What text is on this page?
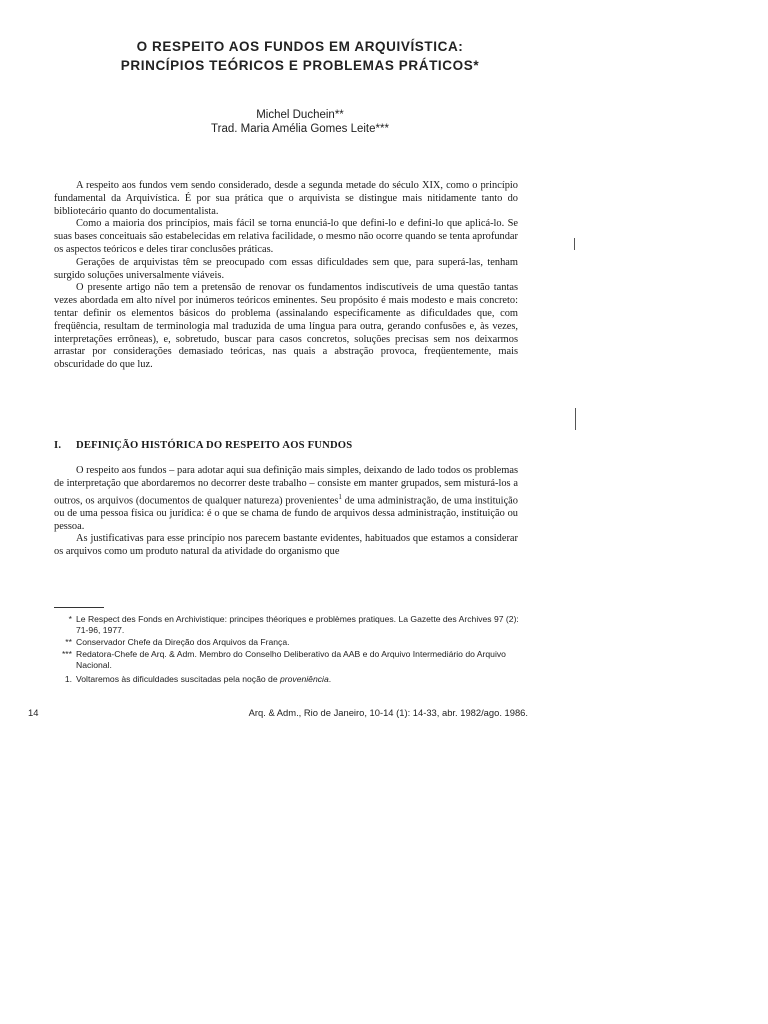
O RESPEITO AOS FUNDOS EM ARQUIVÍSTICA:
PRINCÍPIOS TEÓRICOS E PROBLEMAS PRÁTICOS*
Michel Duchein**
Trad. Maria Amélia Gomes Leite***

A respeito aos fundos vem sendo considerado, desde a segunda metade do século XIX, como o princípio fundamental da Arquivística. É por sua prática que o arquivista se distingue mais nitidamente tanto do bibliotecário quanto do documentalista.

Como a maioria dos princípios, mais fácil se torna enunciá-lo que defini-lo e defini-lo que aplicá-lo. Se suas bases conceituais são estabelecidas em relativa facilidade, o mesmo não ocorre quando se tenta aprofundar os aspectos teóricos e deles tirar conclusões práticas.

Gerações de arquivistas têm se preocupado com essas dificuldades sem que, para superá-las, tenham surgido soluções universalmente viáveis.

O presente artigo não tem a pretensão de renovar os fundamentos indiscutíveis de uma questão tantas vezes abordada em alto nível por inúmeros teóricos eminentes. Seu propósito é mais modesto e mais concreto: tentar definir os elementos básicos do problema (assinalando especificamente as dificuldades que, com freqüência, resultam de terminologia mal traduzida de uma língua para outra, gerando confusões e, às vezes, interpretações errôneas), e, sobretudo, buscar para casos concretos, soluções precisas sem nos deixarmos arrastar por considerações demasiado teóricas, nas quais a abstração provoca, freqüentemente, mais obscuridade do que luz.

I. DEFINIÇÃO HISTÓRICA DO RESPEITO AOS FUNDOS

O respeito aos fundos – para adotar aqui sua definição mais simples, deixando de lado todos os problemas de interpretação que abordaremos no decorrer deste trabalho – consiste em manter grupados, sem misturá-los a outros, os arquivos (documentos de qualquer natureza) provenientes$^1$ de uma administração, de uma instituição ou de uma pessoa física ou jurídica: é o que se chama de fundo de arquivos dessa administração, instituição ou pessoa.

As justificativas para esse princípio nos parecem bastante evidentes, habituados que estamos a considerar os arquivos como um produto natural da atividade do organismo que

* Le Respect des Fonds en Archivistique: principes théoriques e problèmes pratiques. La Gazette des Archives 97 (2): 71-96, 1977.
** Conservador Chefe da Direção dos Arquivos da França.
*** Redatora-Chefe de Arq. & Adm. Membro do Conselho Deliberativo da AAB e do Arquivo Intermediário do Arquivo Nacional.
1. Voltaremos às dificuldades suscitadas pela noção de proveniência.
14	Arq. & Adm., Rio de Janeiro, 10-14 (1): 14-33, abr. 1982/ago. 1986.
